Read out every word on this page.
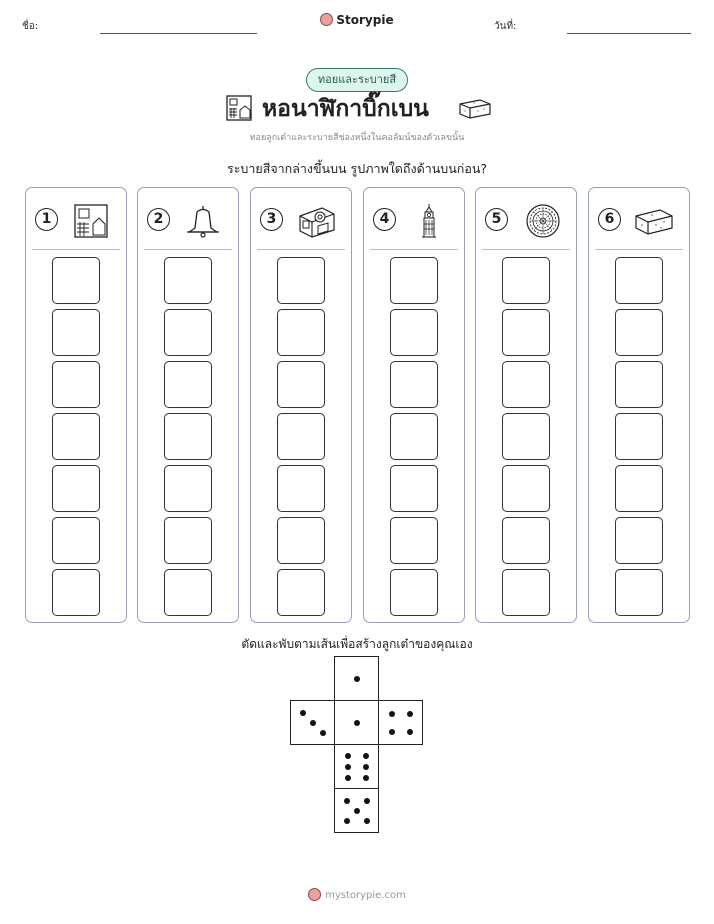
ชื่อ:	Storypie	วันที่:
ทอยและระบายสี
หอนาฬิกาบิ๊กเบน
ทอยลูกเต๋าและระบายสีช่องหนึ่งในคอลัมน์ของตัวเลขนั้น
ระบายสีจากล่างขึ้นบน รูปภาพใดถึงด้านบนก่อน?
1	2	3	4	5	6
ตัดและพับตามเส้นเพื่อสร้างลูกเต๋าของคุณเอง
mystorypie.com
